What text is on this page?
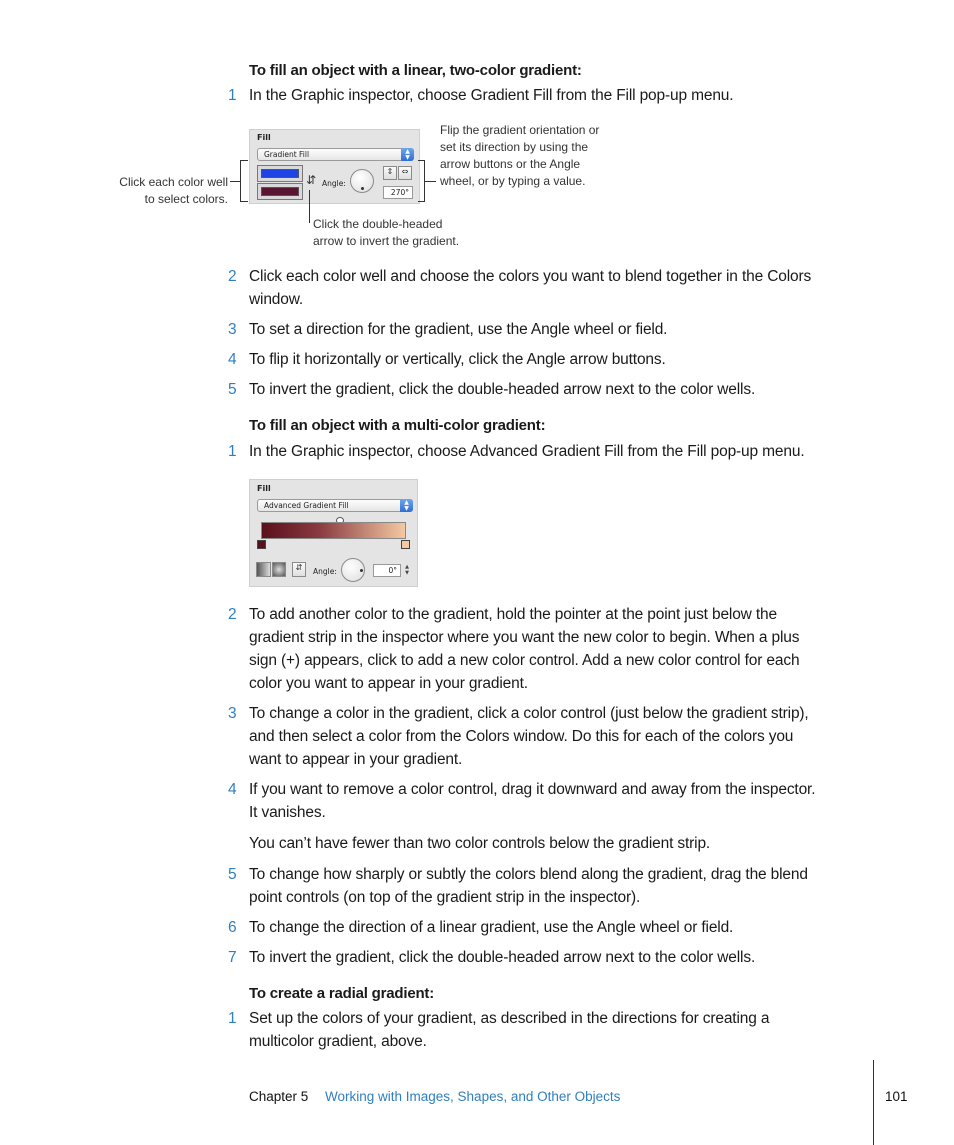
To fill an object with a linear, two-color gradient:
1 In the Graphic inspector, choose Gradient Fill from the Fill pop-up menu.
Fill
Gradient Fill	▲
▼
⇵ Angle:
⇕	⇔
270°
Click each color well
to select colors.
Flip the gradient orientation or
set its direction by using the
arrow buttons or the Angle
wheel, or by typing a value.
Click the double-headed
arrow to invert the gradient.
2 Click each color well and choose the colors you want to blend together in the Colors
window.
3 To set a direction for the gradient, use the Angle wheel or field.
4 To flip it horizontally or vertically, click the Angle arrow buttons.
5 To invert the gradient, click the double-headed arrow next to the color wells.
To fill an object with a multi-color gradient:
1 In the Graphic inspector, choose Advanced Gradient Fill from the Fill pop-up menu.
Fill
Advanced Gradient Fill	▲
▼
⇵	Angle:	0°	▲
▼
2 To add another color to the gradient, hold the pointer at the point just below the
gradient strip in the inspector where you want the new color to begin. When a plus
sign (+) appears, click to add a new color control. Add a new color control for each
color you want to appear in your gradient.
3 To change a color in the gradient, click a color control (just below the gradient strip),
and then select a color from the Colors window. Do this for each of the colors you
want to appear in your gradient.
4 If you want to remove a color control, drag it downward and away from the inspector.
It vanishes.
You can’t have fewer than two color controls below the gradient strip.
5 To change how sharply or subtly the colors blend along the gradient, drag the blend
point controls (on top of the gradient strip in the inspector).
6 To change the direction of a linear gradient, use the Angle wheel or field.
7 To invert the gradient, click the double-headed arrow next to the color wells.
To create a radial gradient:
1 Set up the colors of your gradient, as described in the directions for creating a
multicolor gradient, above.
Chapter 5 Working with Images, Shapes, and Other Objects	101
